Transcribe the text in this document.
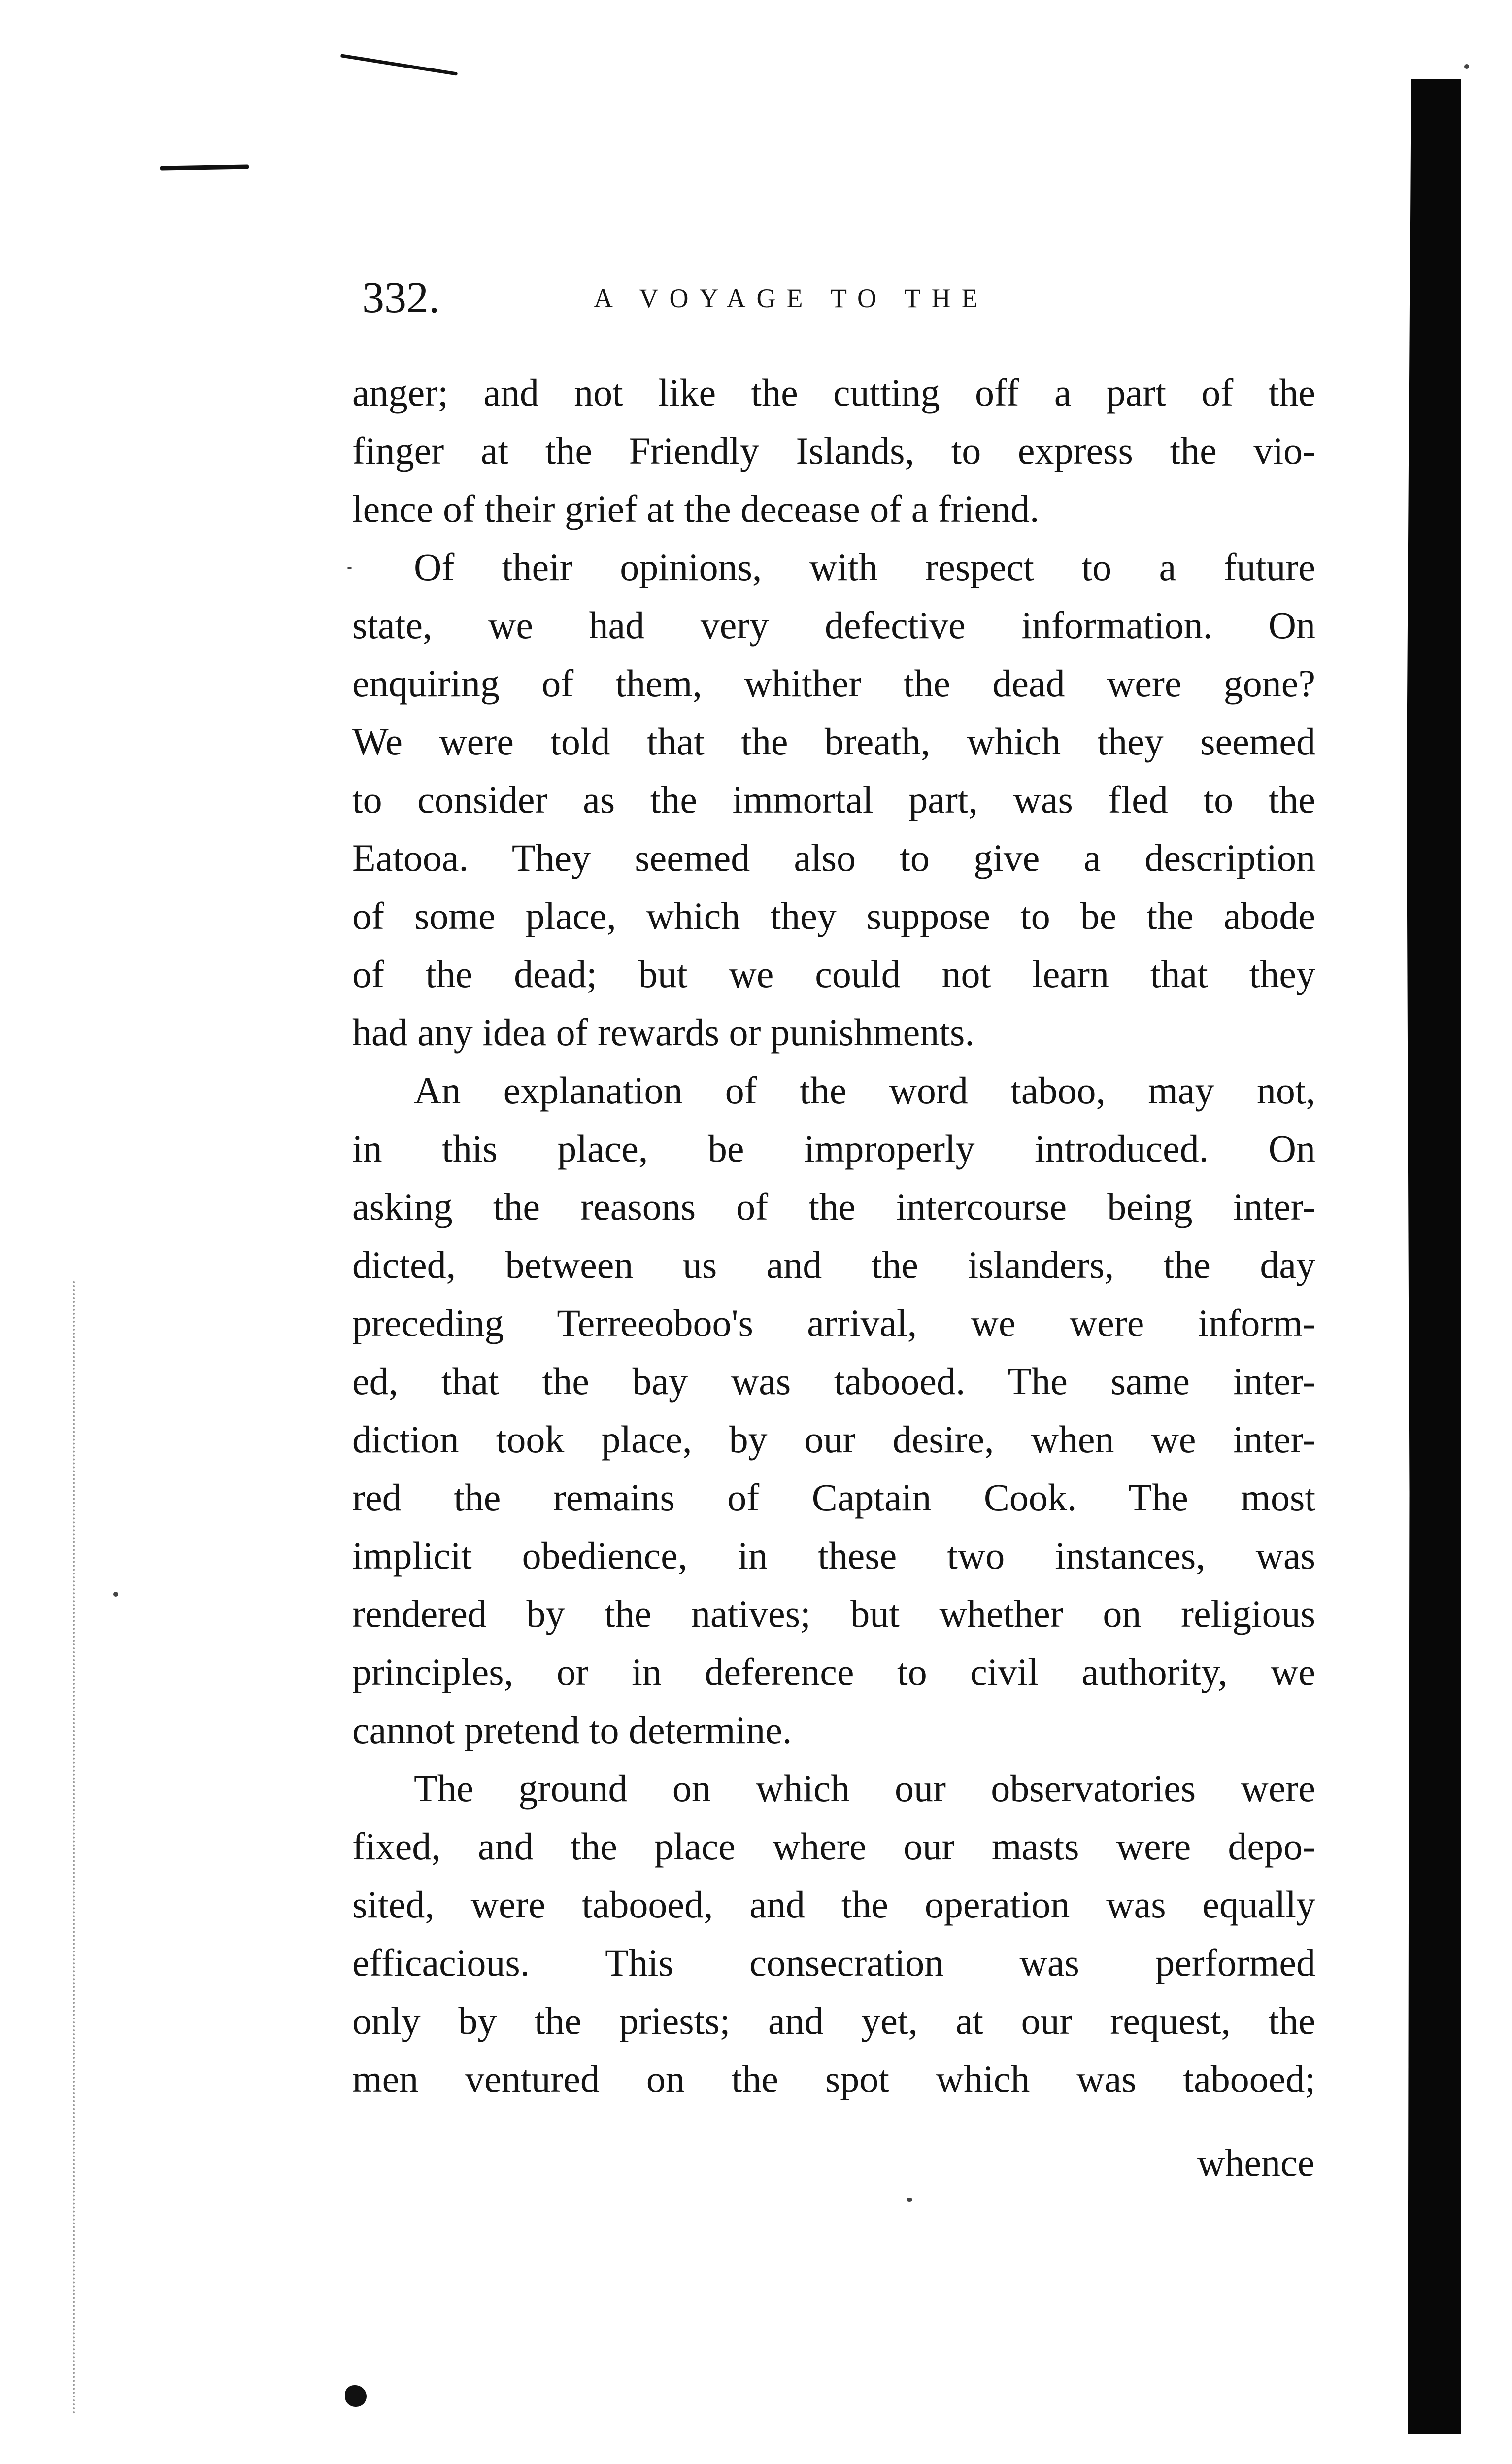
332.	A VOYAGE TO THE
anger; and not like the cutting off a part of the
finger at the Friendly Islands, to express the vio-
lence of their grief at the decease of a friend.
Of their opinions, with respect to a future
state, we had very defective information. On
enquiring of them, whither the dead were gone?
We were told that the breath, which they seemed
to consider as the immortal part, was fled to the
Eatooa. They seemed also to give a description
of some place, which they suppose to be the abode
of the dead; but we could not learn that they
had any idea of rewards or punishments.
An explanation of the word taboo, may not,
in this place, be improperly introduced. On
asking the reasons of the intercourse being inter-
dicted, between us and the islanders, the day
preceding Terreeoboo's arrival, we were inform-
ed, that the bay was tabooed. The same inter-
diction took place, by our desire, when we inter-
red the remains of Captain Cook. The most
implicit obedience, in these two instances, was
rendered by the natives; but whether on religious
principles, or in deference to civil authority, we
cannot pretend to determine.
The ground on which our observatories were
fixed, and the place where our masts were depo-
sited, were tabooed, and the operation was equally
efficacious. This consecration was performed
only by the priests; and yet, at our request, the
men ventured on the spot which was tabooed;
whence
